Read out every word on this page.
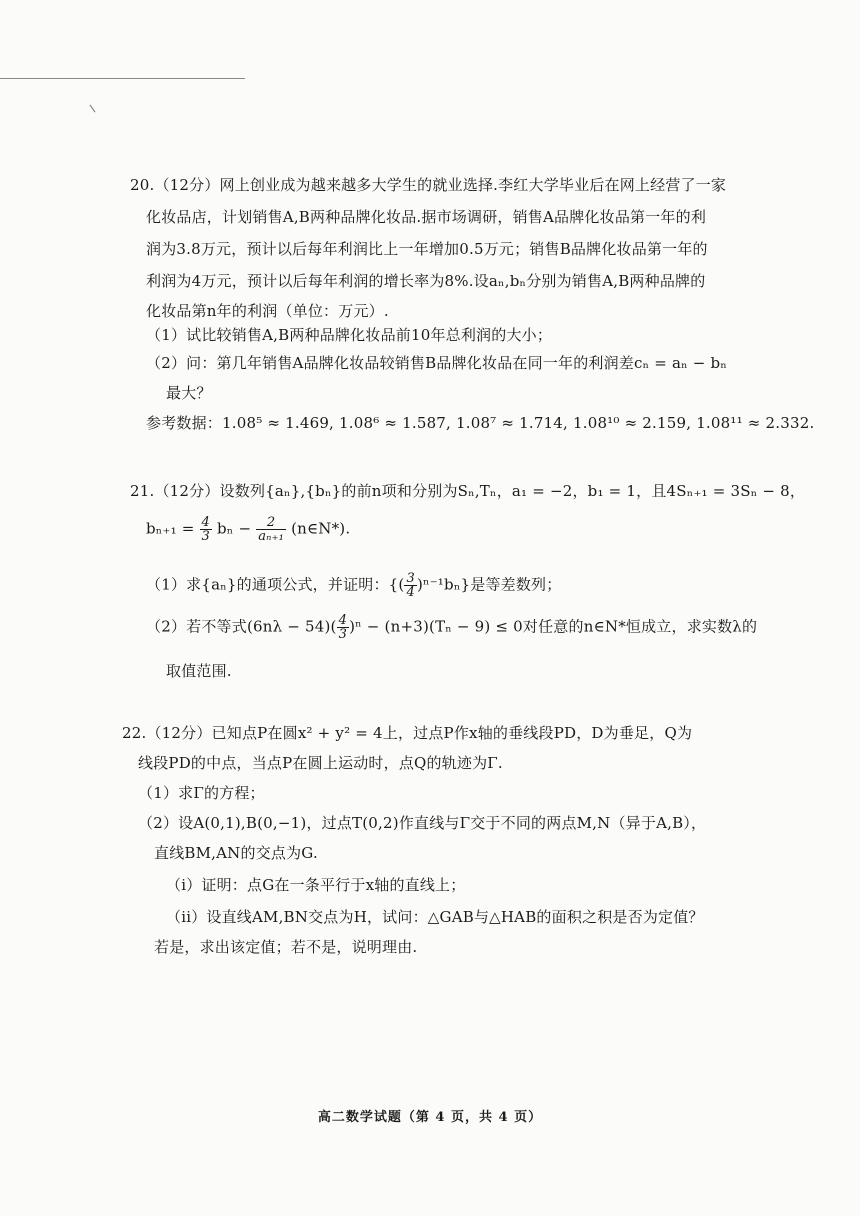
20.（12分）网上创业成为越来越多大学生的就业选择.李红大学毕业后在网上经营了一家
化妆品店，计划销售A,B两种品牌化妆品.据市场调研，销售A品牌化妆品第一年的利
润为3.8万元，预计以后每年利润比上一年增加0.5万元；销售B品牌化妆品第一年的
利润为4万元，预计以后每年利润的增长率为8%.设aₙ,bₙ分别为销售A,B两种品牌的
化妆品第n年的利润（单位：万元）.
（1）试比较销售A,B两种品牌化妆品前10年总利润的大小；
（2）问：第几年销售A品牌化妆品较销售B品牌化妆品在同一年的利润差cₙ = aₙ − bₙ
最大？
参考数据：1.08⁵ ≈ 1.469, 1.08⁶ ≈ 1.587, 1.08⁷ ≈ 1.714, 1.08¹⁰ ≈ 2.159, 1.08¹¹ ≈ 2.332.
21.（12分）设数列{aₙ},{bₙ}的前n项和分别为Sₙ,Tₙ，a₁ = −2，b₁ = 1，且4Sₙ₊₁ = 3Sₙ − 8，
$b_{n+1} = \frac{4}{3}$ $b_n - \frac{2}{\text{aₙ₊₁}}$ (n∈N*).
（1）求{aₙ}的通项公式，并证明：{( $\frac{3}{4} )^{n-1}b_n$}是等差数列；
（2）若不等式$(6n\lambda - 54)( \frac{4}{3} )^n - (n+3)(T_n - 9) \le 0$对任意的n∈N*恒成立，求实数λ的
取值范围.
22.（12分）已知点P在圆x² + y² = 4上，过点P作x轴的垂线段PD，D为垂足，Q为
线段PD的中点，当点P在圆上运动时，点Q的轨迹为Γ.
（1）求Γ的方程；
（2）设A(0,1),B(0,−1)，过点T(0,2)作直线与Γ交于不同的两点M,N（异于A,B），
直线BM,AN的交点为G.
（i）证明：点G在一条平行于x轴的直线上；
（ii）设直线AM,BN交点为H，试问：△GAB与△HAB的面积之积是否为定值？
若是，求出该定值；若不是，说明理由.
高二数学试题（第 4 页，共 4 页）
